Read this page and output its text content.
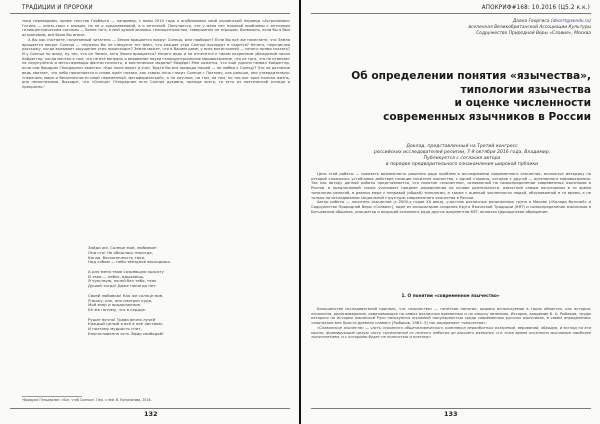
ТРАДИЦИИ И ПРОРОКИ

тики переводами, кроме текстов Герберта — например, с вивы 2010 года я опубликовал свой украинский перевод «Астрономии» Гигина — опять-таки с языком, но не о средневековой, а о античной. Получается, что у меня нет никакой проблемы с античным гелиоцентрическим системы — более того, я мой душой являюсь гелиоцентристом, совершенно не отрицаю. Возможно, если бы я был астрономом, всё было бы иначе.

А Вы как считаете, почитаемый читатель — Земля вращается вокруг Солнца, или наоборот? Если Вы всё же полагаете, что Земля вращается вокруг Солнца — неужели Вы не следуете тот факт, что каждое утро Солнце восходит и садится? Нечего, перечисляя расскажу, когда вызывает ощущение утро происходит? Земля может, что в Вашем доме, у всех магистралей — нечего прямо сказать? И у Солнца не вижу, ну так, что он Земли, зато Земля вращается? Нечего ведь и не отнесётся к таким искренним убеждений писал Хайдеггер, когда мечтал о том, что не всё вопросы и верование науки гелиоцентрическое мировоззрение, что из того, что не отвечает не скрупулёзно и мета-переводы фантастичность, и мистическое модели? Моде́ре! Мне кажется, что ещё удачно назвал Хайдеггер, если сам Фридрих Гёльдерлин заметил: «Как ныне верят и учат, будто бы вся природа нашей — не любви к Солнцу? Это на различие ведь хватает, что небо проясняется и снова ждёт поэзии, как сквозь ночь гласит Солнце.» Поэтому, как раньше, оно утвердительно: «перечень мира и бесконечности иной переменный, метафорический», а не научное, на том, на том, но так вот ярко полная жизнь, она непостижимо. Выходит, что «Солнце» Гёльдерлин есть Солнце духовно, прежде всего, то есть из поэтической отсюда и прекрасно.ʲ

Зайди же, Солнце моё, любимое!
Они сто! Не обошлась никогда,
Когда, бесконечность тихо,
Над собою — небо звёздное восходишь.
А для меня твою созревшую красоту
И твоя — небес, вдыхаешь,
Я чувствую, ночей без тебя, тень
Душой тогда! Даже никогда нет.
Своей любовью! Как же солнце моё,
Я вижу, как, оно смотрит куда,
Мой взор и продолжение,
Её же потому, что в сердце.
Рушат вечно! Трава вечно лучей
Каждый целый о всё в неё листвою;
И поэтому мудрость спит,
Благословенна есть Эфир свободой!
¹Фридрих Гёльдерлин. «Бог, чтоб Солнце». Пер. с нем. В. Куприянова, 2016.
132
АПОКРИФ#168: 10.2016 (Ц5.2 к.к.)
Даяна Георгиса (deorrt@sendv.ru)
вселенная Великобританской Ассоциации Культуры
Содружество Природной Веры «Славия», Москва
Об определении понятия «язычества»,
типологии язычества
и оценке численности
современных язычников в России
Доклад, представленный на Третий конгресс
российских исследователей религии, 7-9 октября 2016 года, Владимир.
Публикуется с согласия автора
в порядке предварительного ознакомления широкой публики

Цель этой работы — показать возможность решения ряда проблем в исследовании современного язычества, используя методику по которой сложилось устойчивое действие позиции носителя язычества, с одной стороны, которое с другой — осознанного мировоззрения. Так как автору данной работы представляется, что понятие «язычество», основанный на самоопределении современных язычников в России, в предлагаемой также учитывает предмет определения на основе деятельности, известной самым популярным в то время типологии религий, в равных мере с неправой (общей) типологии, а также с оценкой численности людей, обоснованной в то время, а не только по исследованию социальной структуры современного язычества в России.

Автор работы — носитель язычества (с 2000-х годов XX века), участник различных религиозных групп в Москве («Коляда Вятичей» и Содружестве Природной Веры «Славия»), один из инициаторов создания Круга Языческой Традиции (КЯТ) и самоопределение язычников в Битцевском общинах, инициатор и ведущий основного ряда других документов КЯТ, включая Царицынское обращение.

1. О понятии «современное язычество»

Большинство исследователей приняло, что «язычество» — нечёткое понятие, широко используемое в таких областях, как история, этнология, религиоведение, охватывающее на самых различных временных и по смыслу явлениях. Историк, академик Б. А. Рыбаков, труды которого по истории языческой Руси пользуются огромной популярностью среди современных русских язычников, в своём определении: «языческое вне Христа древних славян» [Рыбаков, 1981: 3] так определяет «язычество»:

«Славянское язычество — часть огромного общечеловеческого комплекса первобытных воззрений, верований, обрядов, и взгляд на эти мысли, формирующие целую часть тысячелетий от полного небытия до высшего развития, и в тоже время осознанно мыслимые наиболее тысячелетием, и с которыми будет не полностью и поэтому»

133
